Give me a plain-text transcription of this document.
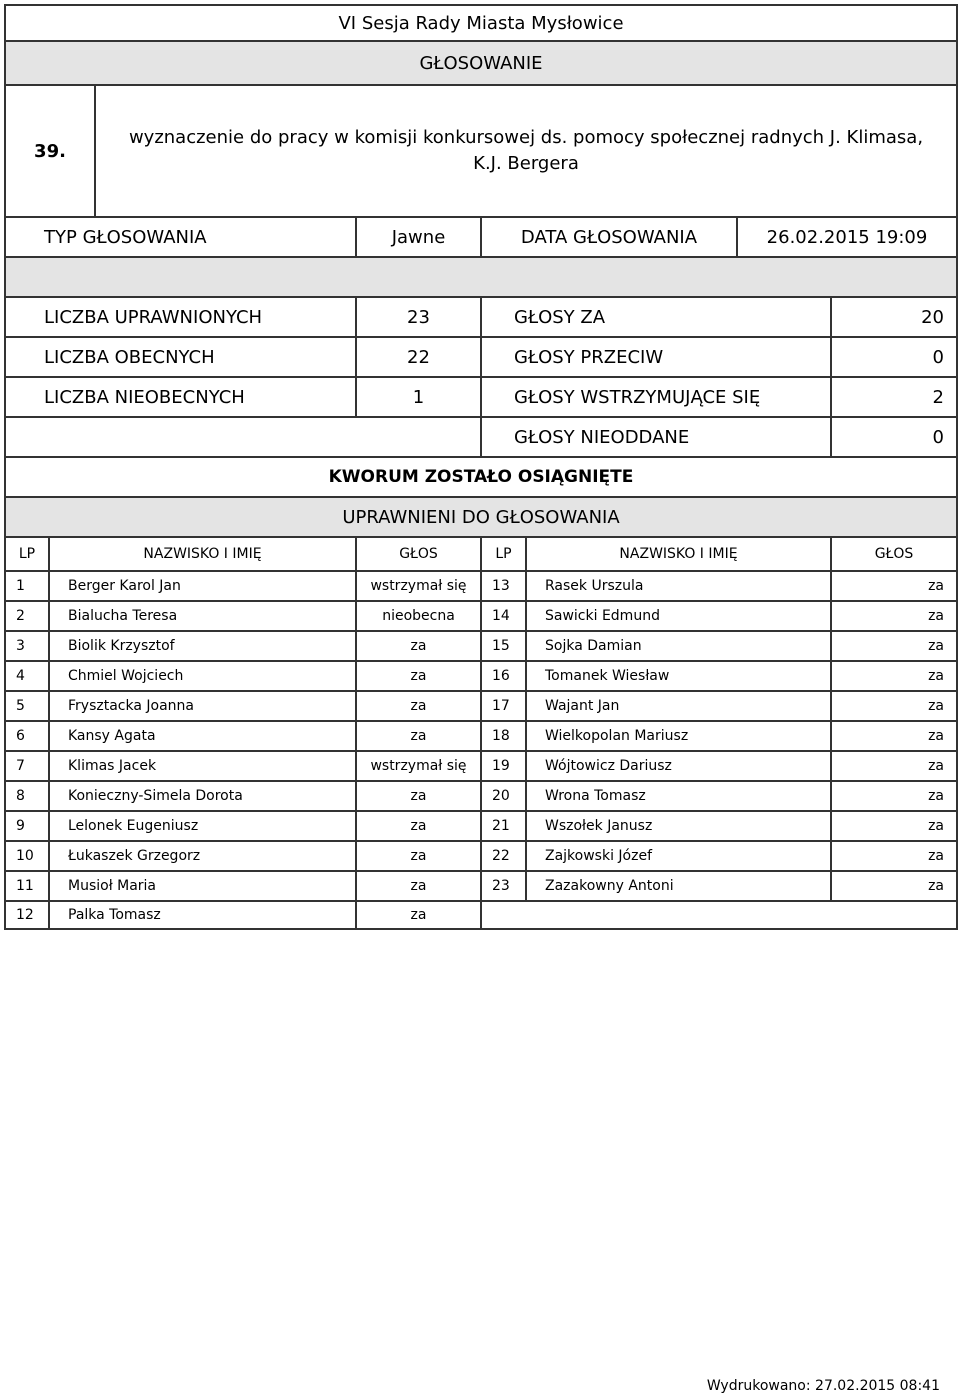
VI Sesja Rady Miasta Mysłowice
GŁOSOWANIE
39.
wyznaczenie do pracy w komisji konkursowej ds. pomocy społecznej radnych J. Klimasa, K.J. Bergera
TYP GŁOSOWANIA	Jawne	DATA GŁOSOWANIA	26.02.2015 19:09
LICZBA UPRAWNIONYCH	23	GŁOSY ZA	20
LICZBA OBECNYCH	22	GŁOSY PRZECIW	0
LICZBA NIEOBECNYCH	1	GŁOSY WSTRZYMUJĄCE SIĘ	2
GŁOSY NIEODDANE	0
KWORUM ZOSTAŁO OSIĄGNIĘTE
UPRAWNIENI DO GŁOSOWANIA
LP	NAZWISKO I IMIĘ	GŁOS	LP	NAZWISKO I IMIĘ	GŁOS
1	Berger Karol Jan	wstrzymał się	13	Rasek Urszula	za
2	Bialucha Teresa	nieobecna	14	Sawicki Edmund	za
3	Biolik Krzysztof	za	15	Sojka Damian	za
4	Chmiel Wojciech	za	16	Tomanek Wiesław	za
5	Frysztacka Joanna	za	17	Wajant Jan	za
6	Kansy Agata	za	18	Wielkopolan Mariusz	za
7	Klimas Jacek	wstrzymał się	19	Wójtowicz Dariusz	za
8	Konieczny-Simela Dorota	za	20	Wrona Tomasz	za
9	Lelonek Eugeniusz	za	21	Wszołek Janusz	za
10	Łukaszek Grzegorz	za	22	Zajkowski Józef	za
11	Musioł Maria	za	23	Zazakowny Antoni	za
12	Palka Tomasz	za
Wydrukowano: 27.02.2015 08:41
